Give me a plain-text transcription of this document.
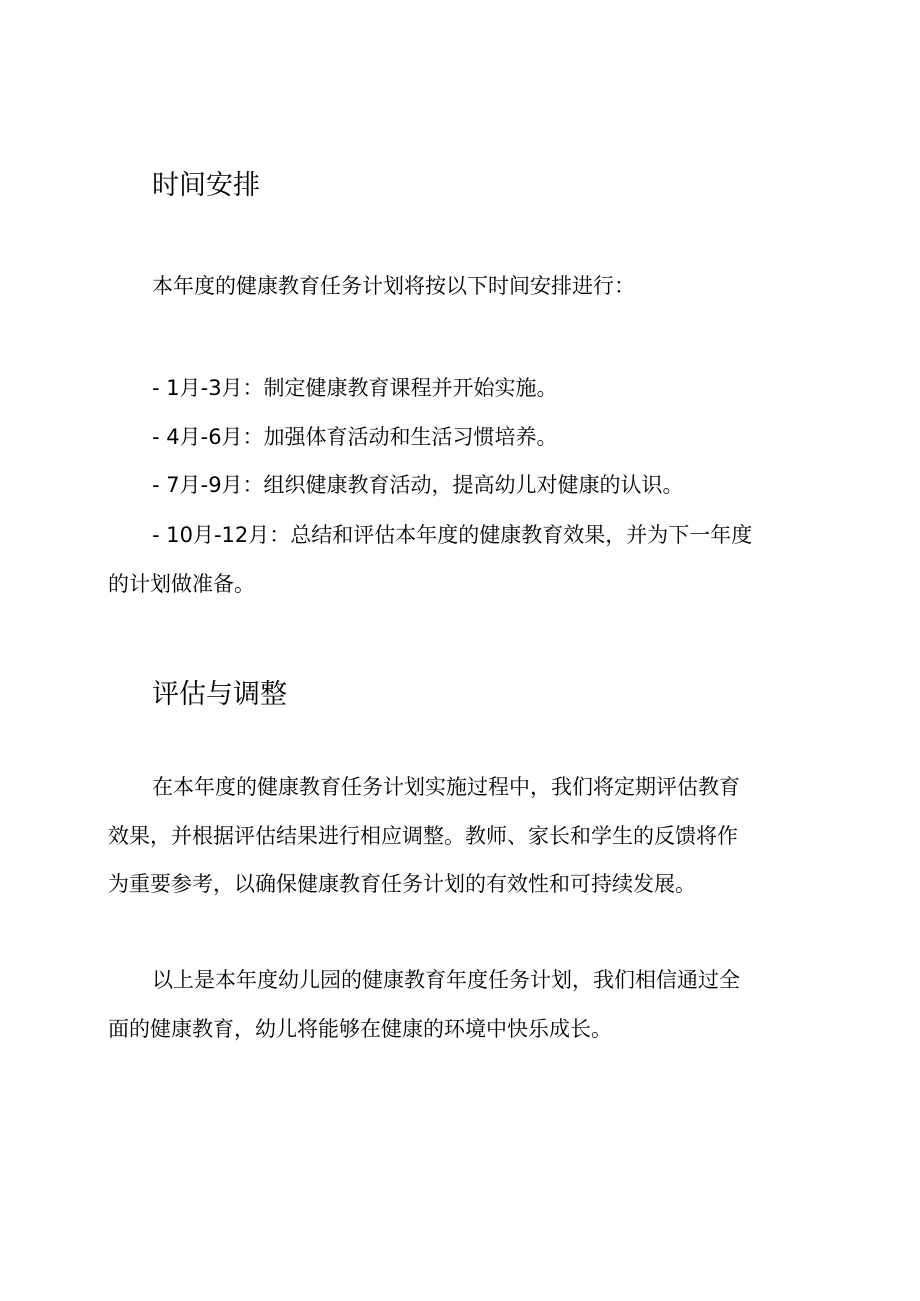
时间安排

本年度的健康教育任务计划将按以下时间安排进行：

- 1月-3月：制定健康教育课程并开始实施。

- 4月-6月：加强体育活动和生活习惯培养。

- 7月-9月：组织健康教育活动，提高幼儿对健康的认识。

- 10月-12月：总结和评估本年度的健康教育效果，并为下一年度

的计划做准备。

评估与调整

在本年度的健康教育任务计划实施过程中，我们将定期评估教育

效果，并根据评估结果进行相应调整。教师、家长和学生的反馈将作

为重要参考，以确保健康教育任务计划的有效性和可持续发展。

以上是本年度幼儿园的健康教育年度任务计划，我们相信通过全

面的健康教育，幼儿将能够在健康的环境中快乐成长。
